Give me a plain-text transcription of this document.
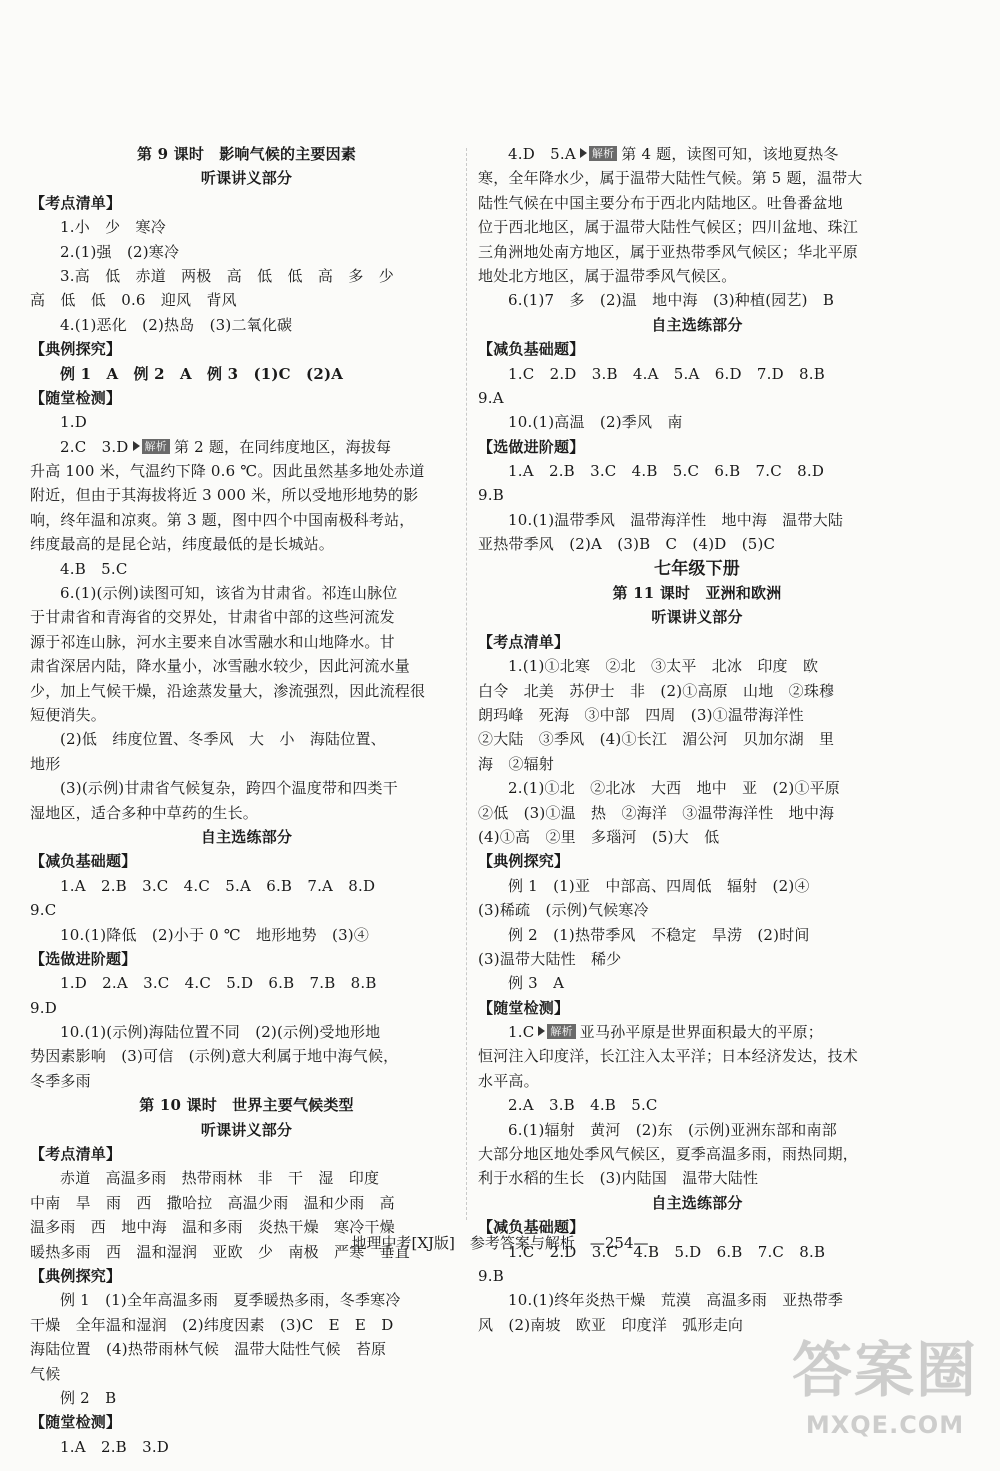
第 9 课时　影响气候的主要因素
听课讲义部分
【考点清单】
1.小　少　寒冷
2.(1)强　(2)寒冷
3.高　低　赤道　两极　高　低　低　高　多　少
高　低　低　0.6　迎风　背风
4.(1)恶化　(2)热岛　(3)二氧化碳
【典例探究】
例 1　A　例 2　A　例 3　(1)C　(2)A
【随堂检测】
1.D
2.C　3.D 解析 第 2 题，在同纬度地区，海拔每
升高 100 米，气温约下降 0.6 ℃。因此虽然基多地处赤道
附近，但由于其海拔将近 3 000 米，所以受地形地势的影
响，终年温和凉爽。第 3 题，图中四个中国南极科考站，
纬度最高的是昆仑站，纬度最低的是长城站。
4.B　5.C
6.(1)(示例)读图可知，该省为甘肃省。祁连山脉位
于甘肃省和青海省的交界处，甘肃省中部的这些河流发
源于祁连山脉，河水主要来自冰雪融水和山地降水。甘
肃省深居内陆，降水量小，冰雪融水较少，因此河流水量
少，加上气候干燥，沿途蒸发量大，渗流强烈，因此流程很
短便消失。
(2)低　纬度位置、冬季风　大　小　海陆位置、
地形
(3)(示例)甘肃省气候复杂，跨四个温度带和四类干
湿地区，适合多种中草药的生长。
自主选练部分
【减负基础题】
1.A　2.B　3.C　4.C　5.A　6.B　7.A　8.D
9.C
10.(1)降低　(2)小于 0 ℃　地形地势　(3)④
【选做进阶题】
1.D　2.A　3.C　4.C　5.D　6.B　7.B　8.B
9.D
10.(1)(示例)海陆位置不同　(2)(示例)受地形地
势因素影响　(3)可信　(示例)意大利属于地中海气候，
冬季多雨
第 10 课时　世界主要气候类型
听课讲义部分
【考点清单】
赤道　高温多雨　热带雨林　非　干　湿　印度
中南　旱　雨　西　撒哈拉　高温少雨　温和少雨　高
温多雨　西　地中海　温和多雨　炎热干燥　寒冷干燥
暖热多雨　西　温和湿润　亚欧　少　南极　严寒　垂直
【典例探究】
例 1　(1)全年高温多雨　夏季暖热多雨，冬季寒冷
干燥　全年温和湿润　(2)纬度因素　(3)C　E　E　D
海陆位置　(4)热带雨林气候　温带大陆性气候　苔原
气候
例 2　B
【随堂检测】
1.A　2.B　3.D
4.D　5.A 解析 第 4 题，读图可知，该地夏热冬
寒，全年降水少，属于温带大陆性气候。第 5 题，温带大
陆性气候在中国主要分布于西北内陆地区。吐鲁番盆地
位于西北地区，属于温带大陆性气候区；四川盆地、珠江
三角洲地处南方地区，属于亚热带季风气候区；华北平原
地处北方地区，属于温带季风气候区。
6.(1)7　多　(2)温　地中海　(3)种植(园艺)　B
自主选练部分
【减负基础题】
1.C　2.D　3.B　4.A　5.A　6.D　7.D　8.B
9.A
10.(1)高温　(2)季风　南
【选做进阶题】
1.A　2.B　3.C　4.B　5.C　6.B　7.C　8.D
9.B
10.(1)温带季风　温带海洋性　地中海　温带大陆
亚热带季风　(2)A　(3)B　C　(4)D　(5)C
七年级下册
第 11 课时　亚洲和欧洲
听课讲义部分
【考点清单】
1.(1)①北寒　②北　③太平　北冰　印度　欧
白令　北美　苏伊士　非　(2)①高原　山地　②珠穆
朗玛峰　死海　③中部　四周　(3)①温带海洋性
②大陆　③季风　(4)①长江　湄公河　贝加尔湖　里
海　②辐射
2.(1)①北　②北冰　大西　地中　亚　(2)①平原
②低　(3)①温　热　②海洋　③温带海洋性　地中海
(4)①高　②里　多瑙河　(5)大　低
【典例探究】
例 1　(1)亚　中部高、四周低　辐射　(2)④
(3)稀疏　(示例)气候寒冷
例 2　(1)热带季风　不稳定　旱涝　(2)时间
(3)温带大陆性　稀少
例 3　A
【随堂检测】
1.C 解析 亚马孙平原是世界面积最大的平原；
恒河注入印度洋，长江注入太平洋；日本经济发达，技术
水平高。
2.A　3.B　4.B　5.C
6.(1)辐射　黄河　(2)东　(示例)亚洲东部和南部
大部分地区地处季风气候区，夏季高温多雨，雨热同期，
利于水稻的生长　(3)内陆国　温带大陆性
自主选练部分
【减负基础题】
1.C　2.D　3.C　4.B　5.D　6.B　7.C　8.B
9.B
10.(1)终年炎热干燥　荒漠　高温多雨　亚热带季
风　(2)南坡　欧亚　印度洋　弧形走向
地理中考[XJ版]　参考答案与解析　—254—
答案圈
MXQE.COM
